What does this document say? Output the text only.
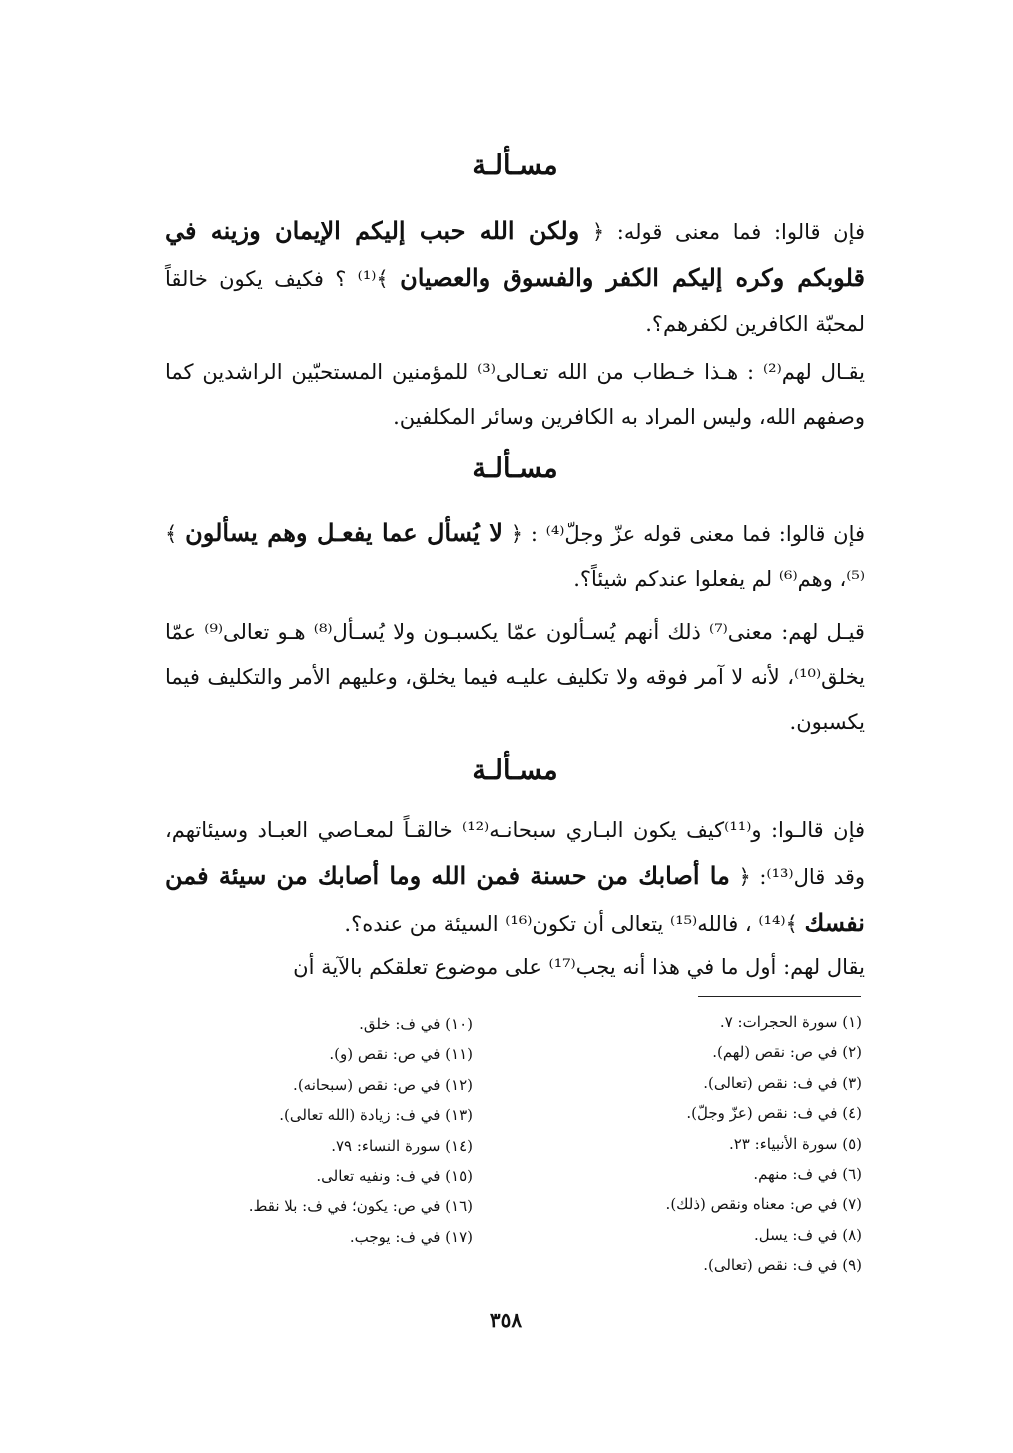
مسـألـة
فإن قالوا: فما معنى قوله: ﴿ ولكن الله حبب إليكم الإيمان وزينه في قلوبكم وكره إليكم الكفر والفسوق والعصيان ﴾⁽¹⁾ ؟ فكيف يكون خالقاً لمحبّة الكافرين لكفرهم؟.
يقـال لهم⁽²⁾ : هـذا خـطاب من الله تعـالى⁽³⁾ للمؤمنين المستحبّين الراشدين كما وصفهم الله، وليس المراد به الكافرين وسائر المكلفين.
مسـألـة
فإن قالوا: فما معنى قوله عزّ وجلّ⁽⁴⁾ : ﴿ لا يُسأل عما يفعـل وهم يسألون ﴾⁽⁵⁾، وهم⁽⁶⁾ لم يفعلوا عندكم شيئاً؟.
قيـل لهم: معنى⁽⁷⁾ ذلك أنهم يُسـألون عمّا يكسبـون ولا يُسـأل⁽⁸⁾ هـو تعالى⁽⁹⁾ عمّا يخلق⁽¹⁰⁾، لأنه لا آمر فوقه ولا تكليف عليـه فيما يخلق، وعليهم الأمر والتكليف فيما يكسبون.
مسـألـة
فإن قالـوا: و⁽¹¹⁾كيف يكون البـاري سبحانـه⁽¹²⁾ خالقـاً لمعـاصي العبـاد وسيئاتهم، وقد قال⁽¹³⁾: ﴿ ما أصابك من حسنة فمن الله وما أصابك من سيئة فمن نفسك ﴾⁽¹⁴⁾ ، فالله⁽¹⁵⁾ يتعالى أن تكون⁽¹⁶⁾ السيئة من عنده؟.
يقال لهم: أول ما في هذا أنه يجب⁽¹⁷⁾ على موضوع تعلقكم بالآية أن
(١) سورة الحجرات: ٧.
(٢) في ص: نقص (لهم).
(٣) في ف: نقص (تعالى).
(٤) في ف: نقص (عزّ وجلّ).
(٥) سورة الأنبياء: ٢٣.
(٦) في ف: منهم.
(٧) في ص: معناه ونقص (ذلك).
(٨) في ف: يسل.
(٩) في ف: نقص (تعالى).
(١٠) في ف: خلق.
(١١) في ص: نقص (و).
(١٢) في ص: نقص (سبحانه).
(١٣) في ف: زيادة (الله تعالى).
(١٤) سورة النساء: ٧٩.
(١٥) في ف: ونفيه تعالى.
(١٦) في ص: يكون؛ في ف: بلا نقط.
(١٧) في ف: يوجب.
٣٥٨
